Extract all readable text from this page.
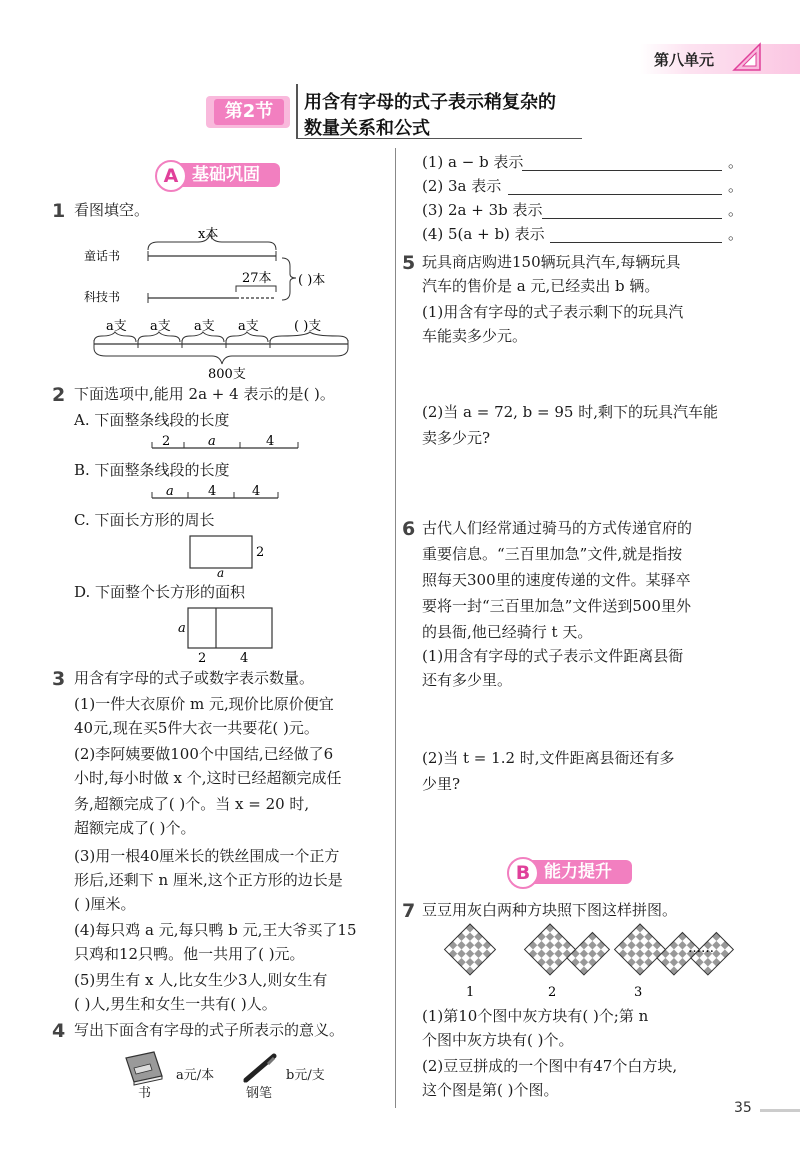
第八单元
第2节	用含有字母的式子表示稍复杂的
数量关系和公式
A 基础巩固
1 看图填空。
x本
童话书
27本
科技书
( )本
a支 a支 a支 a支	( )支
800支
2 下面选项中,能用 2a + 4 表示的是( )。
A. 下面整条线段的长度
2	a	4
B. 下面整条线段的长度
a	4	4
C. 下面长方形的周长
2
a
D. 下面整个长方形的面积
a
2	4
3 用含有字母的式子或数字表示数量。
(1)一件大衣原价 m 元,现价比原价便宜
40元,现在买5件大衣一共要花( )元。
(2)李阿姨要做100个中国结,已经做了6
小时,每小时做 x 个,这时已经超额完成任
务,超额完成了( )个。当 x = 20 时,
超额完成了( )个。
(3)用一根40厘米长的铁丝围成一个正方
形后,还剩下 n 厘米,这个正方形的边长是
( )厘米。
(4)每只鸡 a 元,每只鸭 b 元,王大爷买了15
只鸡和12只鸭。他一共用了( )元。
(5)男生有 x 人,比女生少3人,则女生有
( )人,男生和女生一共有( )人。
4 写出下面含有字母的式子所表示的意义。
书
a元/本
钢笔
b元/支
(1) a − b 表示	。
(2) 3a 表示	。
(3) 2a + 3b 表示	。
(4) 5(a + b) 表示	。
5 玩具商店购进150辆玩具汽车,每辆玩具
汽车的售价是 a 元,已经卖出 b 辆。
(1)用含有字母的式子表示剩下的玩具汽
车能卖多少元。
(2)当 a = 72, b = 95 时,剩下的玩具汽车能
卖多少元?
6 古代人们经常通过骑马的方式传递官府的
重要信息。“三百里加急”文件,就是指按
照每天300里的速度传递的文件。某驿卒
要将一封“三百里加急”文件送到500里外
的县衙,他已经骑行 t 天。
(1)用含有字母的式子表示文件距离县衙
还有多少里。
(2)当 t = 1.2 时,文件距离县衙还有多
少里?
B 能力提升
7 豆豆用灰白两种方块照下图这样拼图。
1	2	3
……
(1)第10个图中灰方块有( )个;第 n
个图中灰方块有( )个。
(2)豆豆拼成的一个图中有47个白方块,
这个图是第( )个图。
35
